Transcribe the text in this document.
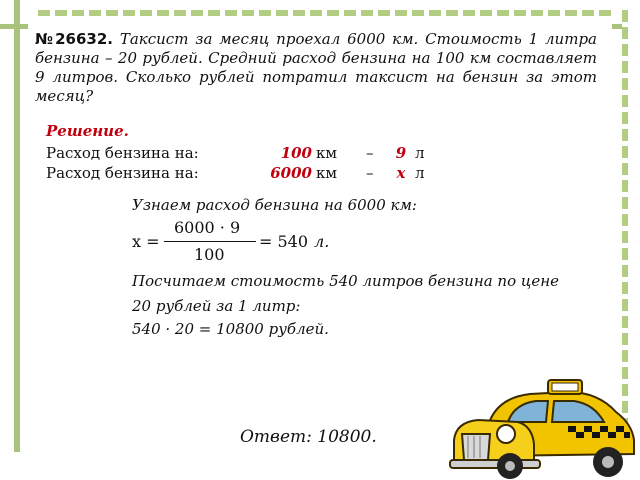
№26632. Таксист за месяц проехал 6000 км. Стоимость 1 литра бензина – 20 рублей. Средний расход бензина на 100 км составляет 9 литров. Сколько рублей потратил таксист на бензин за этот месяц?
Решение.
Расход бензина на:	100 км – 9 л
Расход бензина на:	6000 км – x л
Узнаем расход бензина на 6000 км:
x =
6000 · 9
100
= 540 л.
Посчитаем стоимость 540 литров бензина по цене
20 рублей за 1 литр:
540 · 20 = 10800 рублей.
Ответ: 10800.
